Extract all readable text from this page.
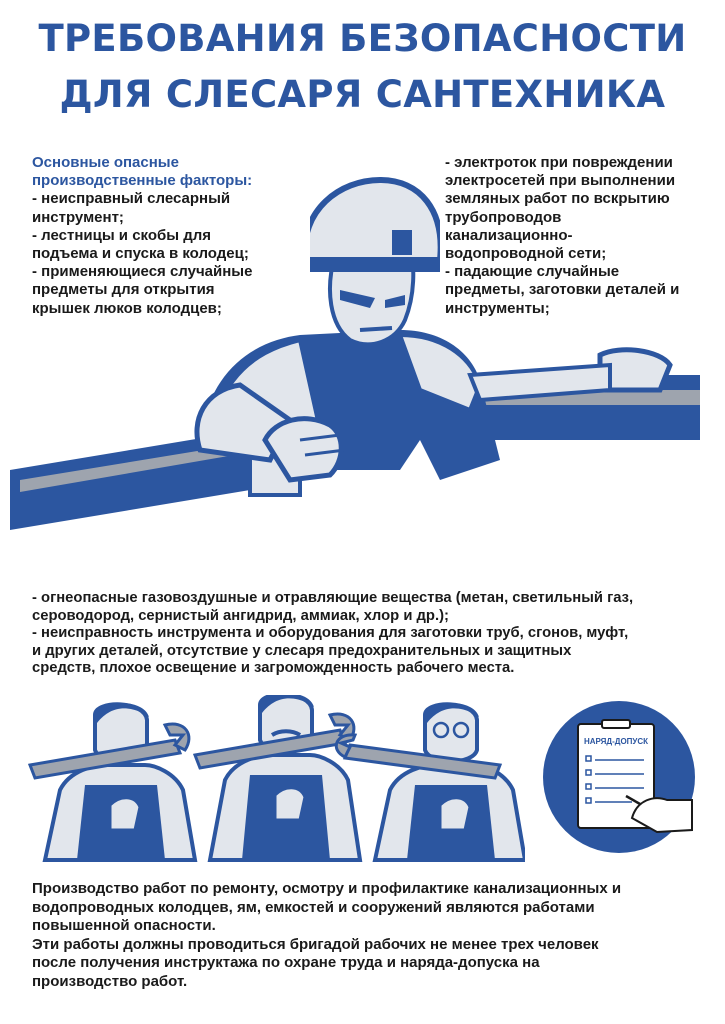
ТРЕБОВАНИЯ БЕЗОПАСНОСТИ
ДЛЯ СЛЕСАРЯ САНТЕХНИКА
Основные опасные
производственные факторы:
- неисправный слесарный
инструмент;
- лестницы и скобы для
подъема и спуска в колодец;
- применяющиеся случайные
предметы для открытия
крышек люков колодцев;
- электроток при повреждении
электросетей при выполнении
земляных работ по вскрытию
трубопроводов
канализационно-
водопроводной сети;
- падающие случайные
предметы, заготовки деталей и
инструменты;
- огнеопасные газовоздушные и отравляющие вещества (метан, светильный газ,
сероводород, сернистый ангидрид, аммиак, хлор и др.);
- неисправность инструмента и оборудования для заготовки труб, сгонов, муфт,
и других деталей, отсутствие у слесаря предохранительных и защитных
средств, плохое освещение и загроможденность рабочего места.
НАРЯД-ДОПУСК
Производство работ по ремонту, осмотру и профилактике канализационных и
водопроводных колодцев, ям, емкостей и сооружений являются работами
повышенной опасности.
Эти работы должны проводиться бригадой рабочих не менее трех человек
после получения инструктажа по охране труда и наряда-допуска на
производство работ.
